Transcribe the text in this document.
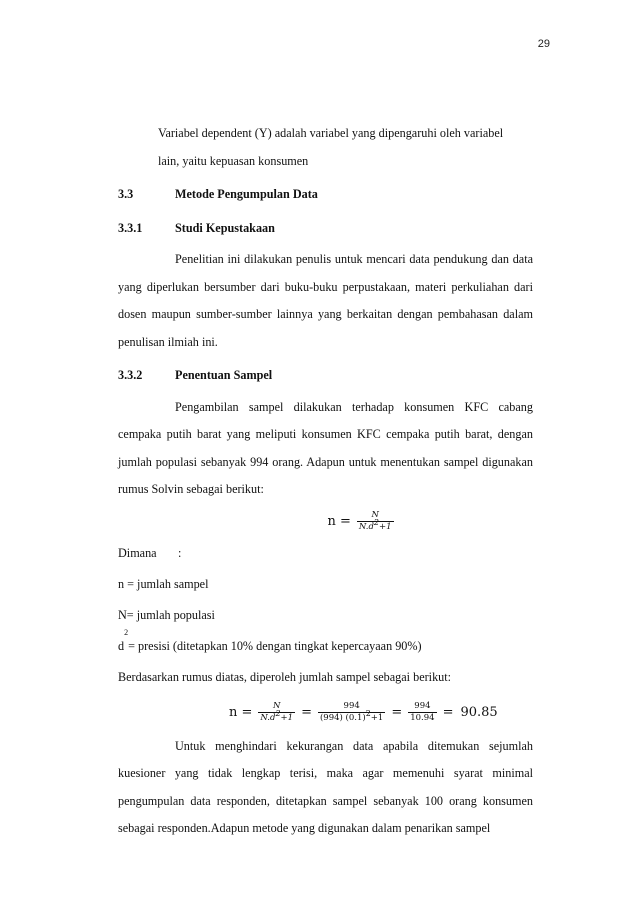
29
Variabel dependent (Y) adalah variabel yang dipengaruhi oleh variabel
lain, yaitu kepuasan konsumen
3.3	Metode Pengumpulan Data
3.3.1	Studi Kepustakaan

Penelitian ini dilakukan penulis untuk mencari data pendukung dan data yang diperlukan bersumber dari buku-buku perpustakaan, materi perkuliahan dari dosen maupun sumber-sumber lainnya yang berkaitan dengan pembahasan dalam penulisan ilmiah ini.

3.3.2	Penentuan Sampel

Pengambilan sampel dilakukan terhadap konsumen KFC cabang cempaka putih barat yang meliputi konsumen KFC cempaka putih barat, dengan jumlah populasi sebanyak 994 orang. Adapun untuk menentukan sampel digunakan rumus Solvin sebagai berikut:

$n = \frac{N}{N.d^2+1}$
Dimana	:
n = jumlah sampel
N= jumlah populasi
d
2
= presisi (ditetapkan 10% dengan tingkat kepercayaan 90%)
Berdasarkan rumus diatas, diperoleh jumlah sampel sebagai berikut:
$n = \frac{N}{N.d^2+1} = \frac{994}{(994) (0.1)^2+1} = \frac{994}{10.94} = 90.85$

Untuk menghindari kekurangan data apabila ditemukan sejumlah kuesioner yang tidak lengkap terisi, maka agar memenuhi syarat minimal pengumpulan data responden, ditetapkan sampel sebanyak 100 orang konsumen sebagai responden.Adapun metode yang digunakan dalam penarikan sampel
